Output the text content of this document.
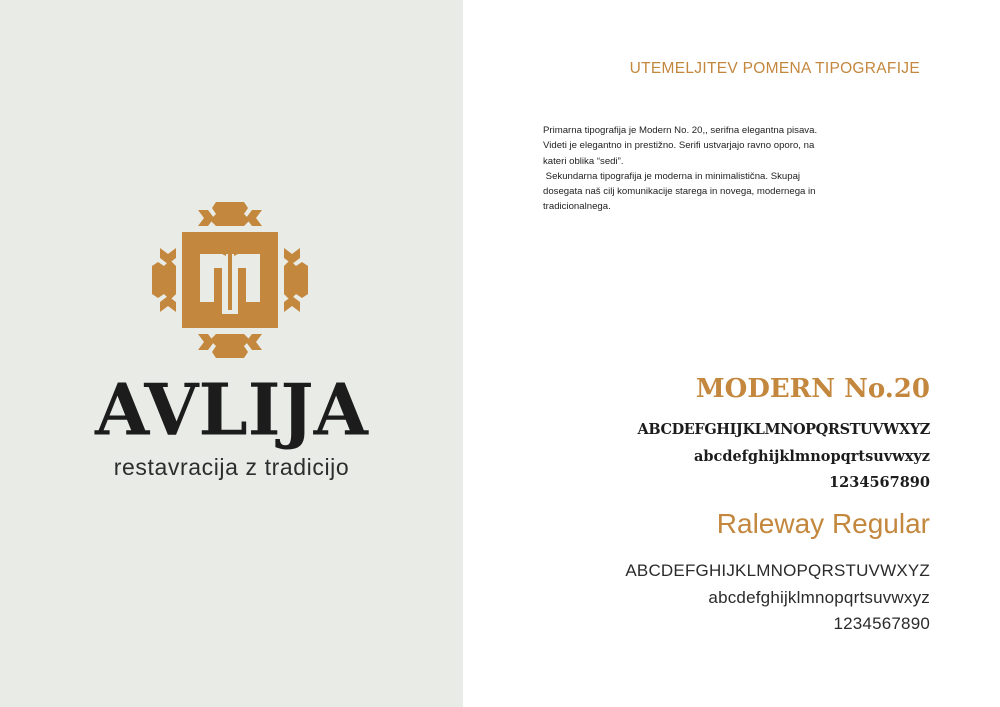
AVLIJA
restavracija z tradicijo
UTEMELJITEV POMENA TIPOGRAFIJE

Primarna tipografija je Modern No. 20,, serifna elegantna pisava.

Videti je elegantno in prestižno. Serifi ustvarjajo ravno oporo, na

kateri oblika “sedi”.

Sekundarna tipografija je moderna in minimalistična. Skupaj

dosegata naš cilj komunikacije starega in novega, modernega in

tradicionalnega.

MODERN No.20
ABCDEFGHIJKLMNOPQRSTUVWXYZ
abcdefghijklmnopqrtsuvwxyz
1234567890
Raleway Regular
ABCDEFGHIJKLMNOPQRSTUVWXYZ
abcdefghijklmnopqrtsuvwxyz
1234567890
